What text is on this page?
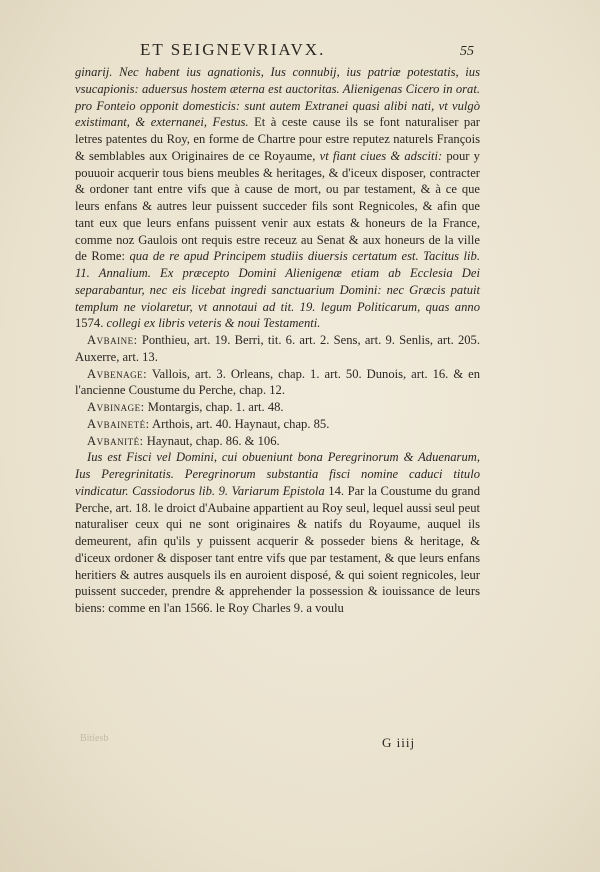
ET SEIGNEVRIAVX.	55

ginarij. Nec habent ius agnationis, Ius connubij, ius patriæ potestatis, ius vsucapionis: aduersus hostem æterna est auctoritas. Alienigenas Cicero in orat. pro Fonteio opponit domesticis: sunt autem Extranei quasi alibi nati, vt vulgò existimant, & externanei, Festus. Et à ceste cause ils se font naturaliser par letres patentes du Roy, en forme de Chartre pour estre reputez naturels François & semblables aux Originaires de ce Royaume, vt fiant ciues & adsciti: pour y pouuoir acquerir tous biens meubles & heritages, & d'iceux disposer, contracter & ordoner tant entre vifs que à cause de mort, ou par testament, & à ce que leurs enfans & autres leur puissent succeder fils sont Regnicoles, & afin que tant eux que leurs enfans puissent venir aux estats & honeurs de la France, comme noz Gaulois ont requis estre receuz au Senat & aux honeurs de la ville de Rome: qua de re apud Principem studiis diuersis certatum est. Tacitus lib. 11. Annalium. Ex præcepto Domini Alienigenæ etiam ab Ecclesia Dei separabantur, nec eis licebat ingredi sanctuarium Domini: nec Græcis patuit templum ne violaretur, vt annotaui ad tit. 19. legum Politicarum, quas anno 1574. collegi ex libris veteris & noui Testamenti.

Avbaine: Ponthieu, art. 19. Berri, tit. 6. art. 2. Sens, art. 9. Senlis, art. 205. Auxerre, art. 13.

Avbenage: Vallois, art. 3. Orleans, chap. 1. art. 50. Dunois, art. 16. & en l'ancienne Coustume du Perche, chap. 12.

Avbinage: Montargis, chap. 1. art. 48.

Avbaineté: Arthois, art. 40. Haynaut, chap. 85.

Avbanité: Haynaut, chap. 86. & 106.

Ius est Fisci vel Domini, cui obueniunt bona Peregrinorum & Aduenarum, Ius Peregrinitatis. Peregrinorum substantia fisci nomine caduci titulo vindicatur. Cassiodorus lib. 9. Variarum Epistola 14. Par la Coustume du grand Perche, art. 18. le droict d'Aubaine appartient au Roy seul, lequel aussi seul peut naturaliser ceux qui ne sont originaires & natifs du Royaume, auquel ils demeurent, afin qu'ils y puissent acquerir & posseder biens & heritage, & d'iceux ordoner & disposer tant entre vifs que par testament, & que leurs enfans heritiers & autres ausquels ils en auroient disposé, & qui soient regnicoles, leur puissent succeder, prendre & apprehender la possession & iouissance de leurs biens: comme en l'an 1566. le Roy Charles 9. a voulu

Bitiesb	G iiij
